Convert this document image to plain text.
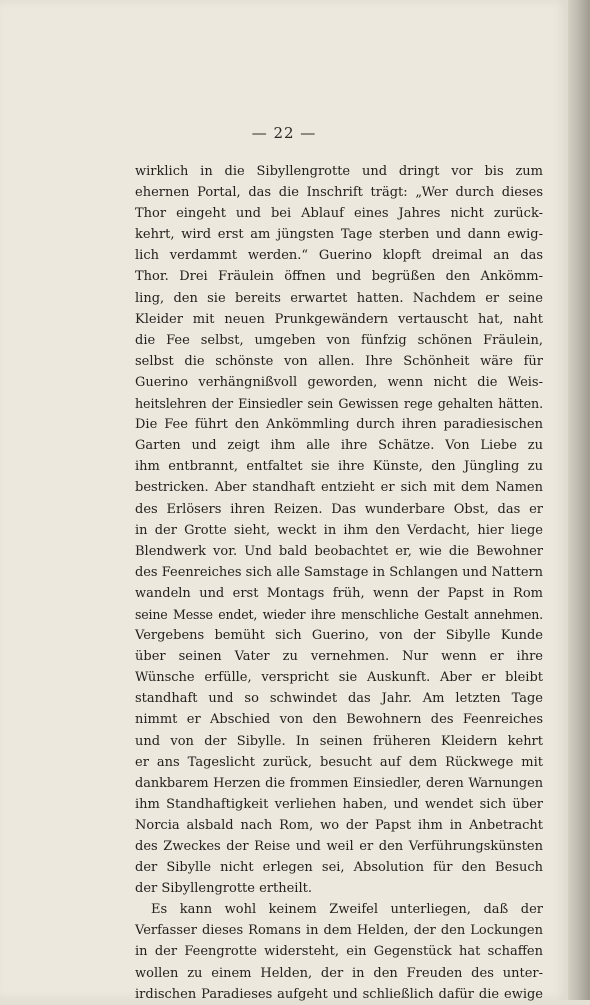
— 22 —
wirklich in die Sibyllengrotte und dringt vor bis zum
ehernen Portal, das die Inschrift trägt: „Wer durch dieses
Thor eingeht und bei Ablauf eines Jahres nicht zurück-
kehrt, wird erst am jüngsten Tage sterben und dann ewig-
lich verdammt werden.“ Guerino klopft dreimal an das
Thor. Drei Fräulein öffnen und begrüßen den Ankömm-
ling, den sie bereits erwartet hatten. Nachdem er seine
Kleider mit neuen Prunkgewändern vertauscht hat, naht
die Fee selbst, umgeben von fünfzig schönen Fräulein,
selbst die schönste von allen. Ihre Schönheit wäre für
Guerino verhängnißvoll geworden, wenn nicht die Weis-
heitslehren der Einsiedler sein Gewissen rege gehalten hätten.
Die Fee führt den Ankömmling durch ihren paradiesischen
Garten und zeigt ihm alle ihre Schätze. Von Liebe zu
ihm entbrannt, entfaltet sie ihre Künste, den Jüngling zu
bestricken. Aber standhaft entzieht er sich mit dem Namen
des Erlösers ihren Reizen. Das wunderbare Obst, das er
in der Grotte sieht, weckt in ihm den Verdacht, hier liege
Blendwerk vor. Und bald beobachtet er, wie die Bewohner
des Feenreiches sich alle Samstage in Schlangen und Nattern
wandeln und erst Montags früh, wenn der Papst in Rom
seine Messe endet, wieder ihre menschliche Gestalt annehmen.
Vergebens bemüht sich Guerino, von der Sibylle Kunde
über seinen Vater zu vernehmen. Nur wenn er ihre
Wünsche erfülle, verspricht sie Auskunft. Aber er bleibt
standhaft und so schwindet das Jahr. Am letzten Tage
nimmt er Abschied von den Bewohnern des Feenreiches
und von der Sibylle. In seinen früheren Kleidern kehrt
er ans Tageslicht zurück, besucht auf dem Rückwege mit
dankbarem Herzen die frommen Einsiedler, deren Warnungen
ihm Standhaftigkeit verliehen haben, und wendet sich über
Norcia alsbald nach Rom, wo der Papst ihm in Anbetracht
des Zweckes der Reise und weil er den Verführungskünsten
der Sibylle nicht erlegen sei, Absolution für den Besuch
der Sibyllengrotte ertheilt.
Es kann wohl keinem Zweifel unterliegen, daß der
Verfasser dieses Romans in dem Helden, der den Lockungen
in der Feengrotte widersteht, ein Gegenstück hat schaffen
wollen zu einem Helden, der in den Freuden des unter-
irdischen Paradieses aufgeht und schließlich dafür die ewige
